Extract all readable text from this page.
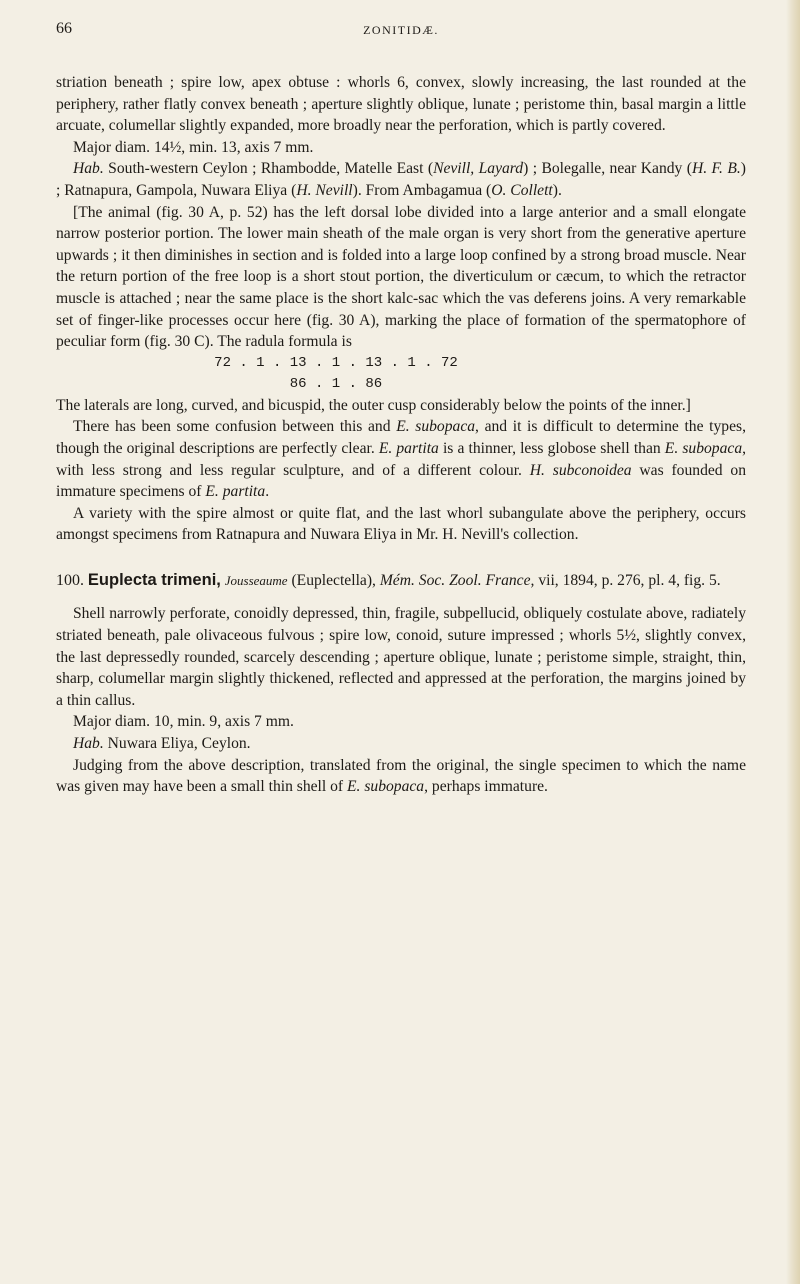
66	ZONITIDÆ.

striation beneath ; spire low, apex obtuse : whorls 6, convex, slowly increasing, the last rounded at the periphery, rather flatly convex beneath ; aperture slightly oblique, lunate ; peristome thin, basal margin a little arcuate, columellar slightly expanded, more broadly near the perforation, which is partly covered.

Major diam. 14½, min. 13, axis 7 mm.

Hab. South-western Ceylon ; Rhambodde, Matelle East (Nevill, Layard) ; Bolegalle, near Kandy (H. F. B.) ; Ratnapura, Gampola, Nuwara Eliya (H. Nevill). From Ambagamua (O. Collett).

[The animal (fig. 30 A, p. 52) has the left dorsal lobe divided into a large anterior and a small elongate narrow posterior portion. The lower main sheath of the male organ is very short from the generative aperture upwards ; it then diminishes in section and is folded into a large loop confined by a strong broad muscle. Near the return portion of the free loop is a short stout portion, the diverticulum or cæcum, to which the retractor muscle is attached ; near the same place is the short kalc-sac which the vas deferens joins. A very remarkable set of finger-like processes occur here (fig. 30 A), marking the place of formation of the spermatophore of peculiar form (fig. 30 C). The radula formula is

72 . 1 . 13 . 1 . 13 . 1 . 72
86 . 1 . 86

The laterals are long, curved, and bicuspid, the outer cusp considerably below the points of the inner.]

There has been some confusion between this and E. subopaca, and it is difficult to determine the types, though the original descriptions are perfectly clear. E. partita is a thinner, less globose shell than E. subopaca, with less strong and less regular sculpture, and of a different colour. H. subconoidea was founded on immature specimens of E. partita.

A variety with the spire almost or quite flat, and the last whorl subangulate above the periphery, occurs amongst specimens from Ratnapura and Nuwara Eliya in Mr. H. Nevill's collection.

100. Euplecta trimeni, Jousseaume (Euplectella), Mém. Soc. Zool. France, vii, 1894, p. 276, pl. 4, fig. 5.

Shell narrowly perforate, conoidly depressed, thin, fragile, subpellucid, obliquely costulate above, radiately striated beneath, pale olivaceous fulvous ; spire low, conoid, suture impressed ; whorls 5½, slightly convex, the last depressedly rounded, scarcely descending ; aperture oblique, lunate ; peristome simple, straight, thin, sharp, columellar margin slightly thickened, reflected and appressed at the perforation, the margins joined by a thin callus.

Major diam. 10, min. 9, axis 7 mm.

Hab. Nuwara Eliya, Ceylon.

Judging from the above description, translated from the original, the single specimen to which the name was given may have been a small thin shell of E. subopaca, perhaps immature.
